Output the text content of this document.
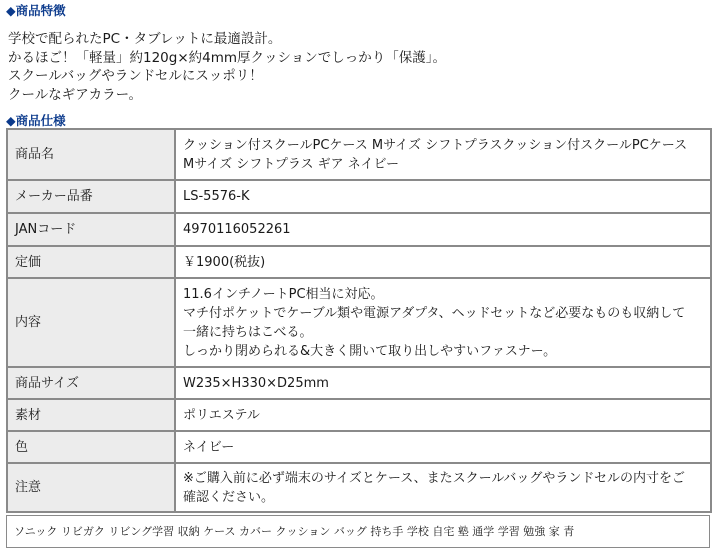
◆商品特徴
学校で配られたPC・タブレットに最適設計。
かるほご！「軽量」約120g×約4mm厚クッションでしっかり「保護」。
スクールバッグやランドセルにスッポリ！
クールなギアカラー。
◆商品仕様
商品名	クッション付スクールPCケース Mサイズ シフトプラスクッション付スクールPCケース
Mサイズ シフトプラス ギア ネイビー

メーカー品番	LS-5576-K
JANコード	4970116052261
定価	￥1900(税抜)
内容	11.6インチノートPC相当に対応。
マチ付ポケットでケーブル類や電源アダプタ、ヘッドセットなど必要なものも収納して
一緒に持ちはこべる。
しっかり閉められる&大きく開いて取り出しやすいファスナー。

商品サイズ	W235×H330×D25mm
素材	ポリエステル
色	ネイビー
注意	※ご購入前に必ず端末のサイズとケース、またスクールバッグやランドセルの内寸をご
確認ください。
ソニック リビガク リビング学習 収納 ケース カバー クッション バッグ 持ち手 学校 自宅 塾 通学 学習 勉強 家 青
